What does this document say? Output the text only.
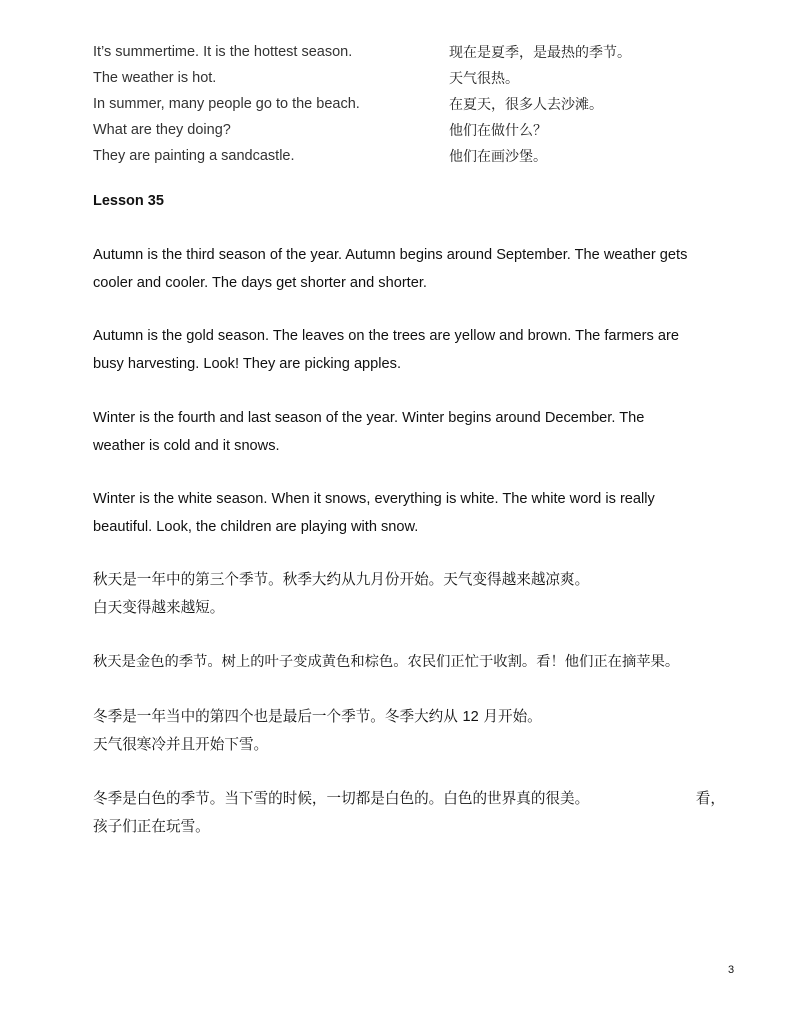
It’s summertime. It is the hottest season.	现在是夏季，是最热的季节。
The weather is hot.	天气很热。
In summer, many people go to the beach.	在夏天，很多人去沙滩。
What are they doing?	他们在做什么？
They are painting a sandcastle.	他们在画沙堡。
Lesson 35

Autumn is the third season of the year. Autumn begins around September. The weather gets
cooler and cooler. The days get shorter and shorter.

Autumn is the gold season. The leaves on the trees are yellow and brown. The farmers are
busy harvesting. Look! They are picking apples.

Winter is the fourth and last season of the year. Winter begins around December. The
weather is cold and it snows.

Winter is the white season. When it snows, everything is white. The white word is really
beautiful. Look, the children are playing with snow.

秋天是一年中的第三个季节。秋季大约从九月份开始。天气变得越来越凉爽。
白天变得越来越短。

秋天是金色的季节。树上的叶子变成黄色和棕色。农民们正忙于收割。看！他们正在摘苹果。

冬季是一年当中的第四个也是最后一个季节。冬季大约从 12 月开始。
天气很寒冷并且开始下雪。

冬季是白色的季节。当下雪的时候，一切都是白色的。白色的世界真的很美。	看，
孩子们正在玩雪。

3
